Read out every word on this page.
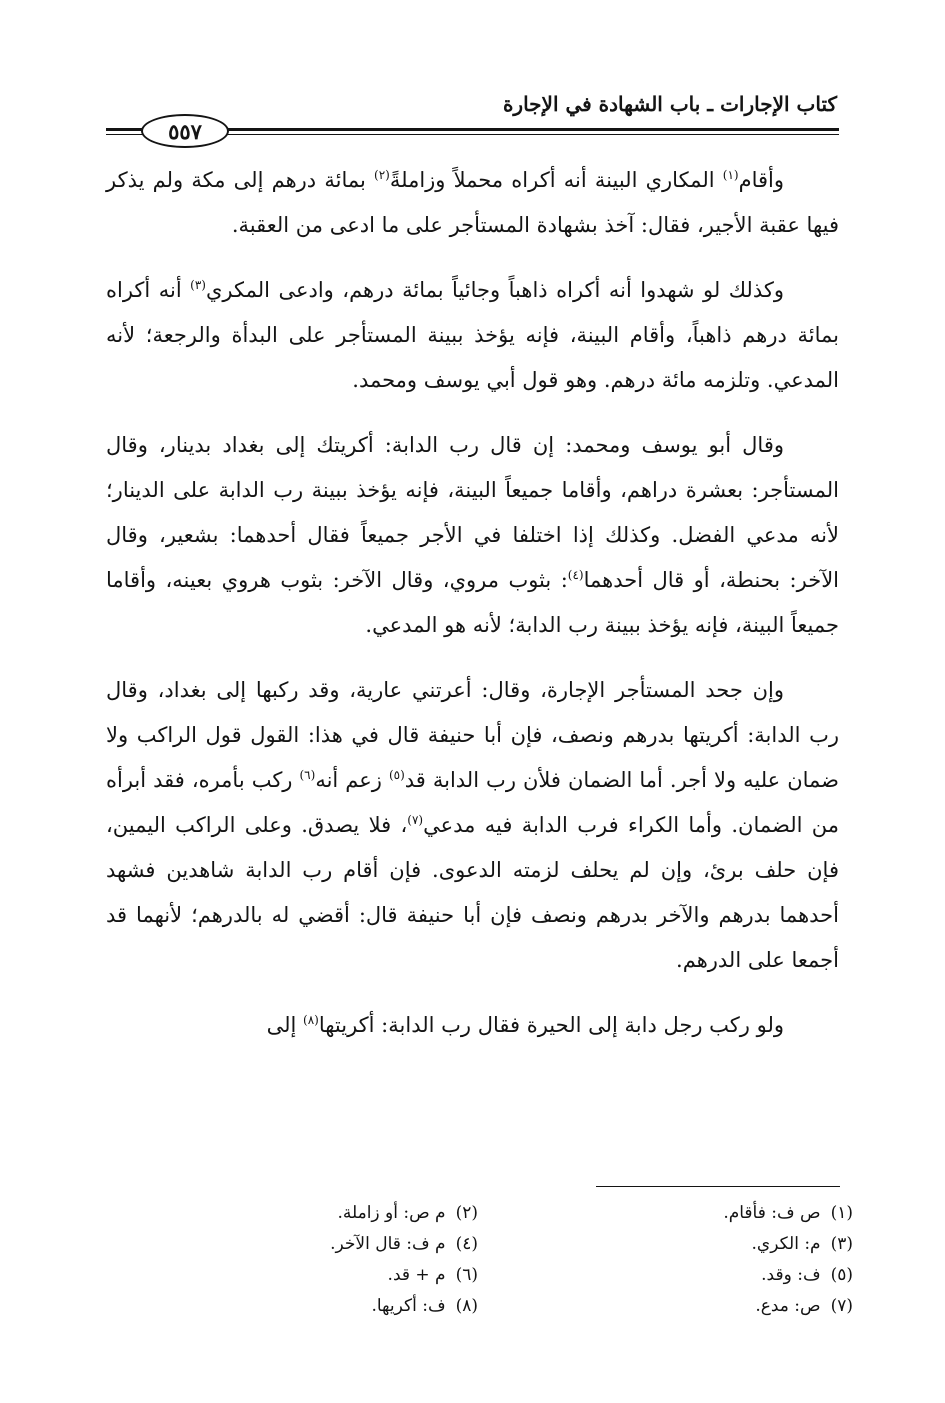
كتاب الإجارات ـ باب الشهادة في الإجارة
٥٥٧

وأقام$^{(١)}$ المكاري البينة أنه أكراه محملاً وزاملةً$^{(٢)}$ بمائة درهم إلى مكة ولم يذكر فيها عقبة الأجير، فقال: آخذ بشهادة المستأجر على ما ادعى من العقبة.

وكذلك لو شهدوا أنه أكراه ذاهباً وجائياً بمائة درهم، وادعى المكري$^{(٣)}$ أنه أكراه بمائة درهم ذاهباً، وأقام البينة، فإنه يؤخذ ببينة المستأجر على البدأة والرجعة؛ لأنه المدعي. وتلزمه مائة درهم. وهو قول أبي يوسف ومحمد.

وقال أبو يوسف ومحمد: إن قال رب الدابة: أكريتك إلى بغداد بدينار، وقال المستأجر: بعشرة دراهم، وأقاما جميعاً البينة، فإنه يؤخذ ببينة رب الدابة على الدينار؛ لأنه مدعي الفضل. وكذلك إذا اختلفا في الأجر جميعاً فقال أحدهما: بشعير، وقال الآخر: بحنطة، أو قال أحدهما$^{(٤)}$: بثوب مروي، وقال الآخر: بثوب هروي بعينه، وأقاما جميعاً البينة، فإنه يؤخذ ببينة رب الدابة؛ لأنه هو المدعي.

وإن جحد المستأجر الإجارة، وقال: أعرتني عارية، وقد ركبها إلى بغداد، وقال رب الدابة: أكريتها بدرهم ونصف، فإن أبا حنيفة قال في هذا: القول قول الراكب ولا ضمان عليه ولا أجر. أما الضمان فلأن رب الدابة قد$^{(٥)}$ زعم أنه$^{(٦)}$ ركب بأمره، فقد أبرأه من الضمان. وأما الكراء فرب الدابة فيه مدعي$^{(٧)}$، فلا يصدق. وعلى الراكب اليمين، فإن حلف برئ، وإن لم يحلف لزمته الدعوى. فإن أقام رب الدابة شاهدين فشهد أحدهما بدرهم والآخر بدرهم ونصف فإن أبا حنيفة قال: أقضي له بالدرهم؛ لأنهما قد أجمعا على الدرهم.

ولو ركب رجل دابة إلى الحيرة فقال رب الدابة: أكريتها$^{(٨)}$ إلى

(١)ص ف: فأقام.
(٣)م: الكري.
(٥)ف: وقد.
(٧)ص: مدع.
(٢)م ص: أو زاملة.
(٤)م ف: قال الآخر.
(٦)م + قد.
(٨)ف: أكريها.
